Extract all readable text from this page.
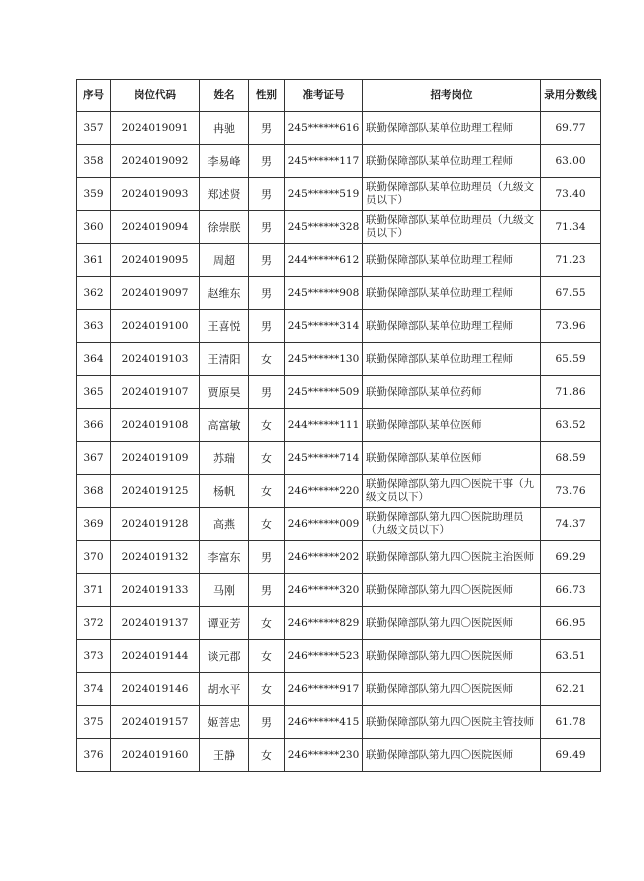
序号	岗位代码	姓名	性别	准考证号	招考岗位	录用分数线
357	2024019091	冉驰	男	245******616	联勤保障部队某单位助理工程师	69.77
358	2024019092	李易峰	男	245******117	联勤保障部队某单位助理工程师	63.00
359	2024019093	郑述贤	男	245******519	联勤保障部队某单位助理员（九级文员以下）	73.40
360	2024019094	徐崇朕	男	245******328	联勤保障部队某单位助理员（九级文员以下）	71.34
361	2024019095	周超	男	244******612	联勤保障部队某单位助理工程师	71.23
362	2024019097	赵维东	男	245******908	联勤保障部队某单位助理工程师	67.55
363	2024019100	王喜悦	男	245******314	联勤保障部队某单位助理工程师	73.96
364	2024019103	王清阳	女	245******130	联勤保障部队某单位助理工程师	65.59
365	2024019107	贾原昊	男	245******509	联勤保障部队某单位药师	71.86
366	2024019108	高富敏	女	244******111	联勤保障部队某单位医师	63.52
367	2024019109	苏瑞	女	245******714	联勤保障部队某单位医师	68.59
368	2024019125	杨帆	女	246******220	联勤保障部队第九四〇医院干事（九级文员以下）	73.76
369	2024019128	高燕	女	246******009	联勤保障部队第九四〇医院助理员（九级文员以下）	74.37
370	2024019132	李富东	男	246******202	联勤保障部队第九四〇医院主治医师	69.29
371	2024019133	马刚	男	246******320	联勤保障部队第九四〇医院医师	66.73
372	2024019137	谭亚芳	女	246******829	联勤保障部队第九四〇医院医师	66.95
373	2024019144	谈元郡	女	246******523	联勤保障部队第九四〇医院医师	63.51
374	2024019146	胡水平	女	246******917	联勤保障部队第九四〇医院医师	62.21
375	2024019157	姬菩忠	男	246******415	联勤保障部队第九四〇医院主管技师	61.78
376	2024019160	王静	女	246******230	联勤保障部队第九四〇医院医师	69.49
